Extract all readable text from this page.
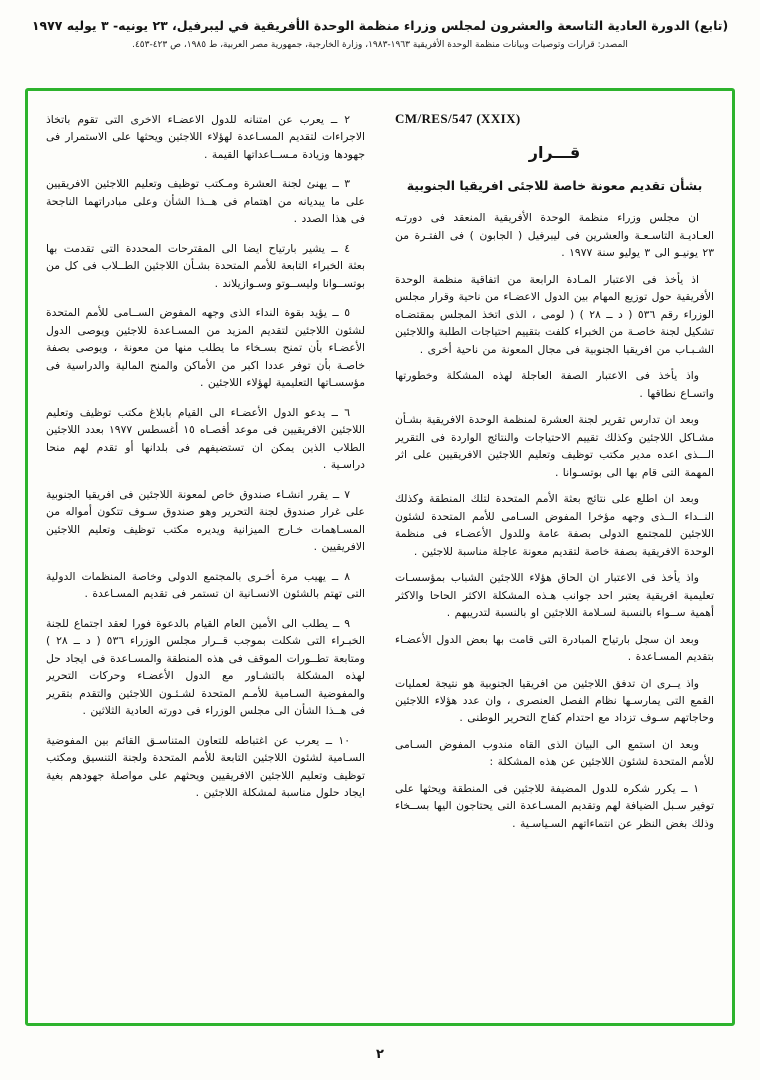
(تابع) الدورة العادية التاسعة والعشرون لمجلس وزراء منظمة الوحدة الأفريقية في ليبرفيل، ٢٣ يونيه- ٣ يوليه ١٩٧٧
المصدر: قرارات وتوصيات وبيانات منظمة الوحدة الأفريقية ١٩٦٣-١٩٨٣، وزارة الخارجية، جمهورية مصر العربية، ط ١٩٨٥، ص ٤٢٣-٤٥٣.
CM/RES/547 (XXIX)
قـــرار
بشأن تقديم معونة خاصة للاجئى افريقيا الجنوبية

ان مجلس وزراء منظمة الوحدة الأفريقية المنعقد فى دورتـه العـاديـة التاسـعـة والعشرين فى ليبرفيل ( الجابون ) فى الفتـرة من ٢٣ يونيـو الى ٣ يوليو سنة ١٩٧٧ .

اذ يأخذ فى الاعتبار المـادة الرابعة من اتفاقية منظمة الوحدة الأفريقية حول توزيع المهام بين الدول الاعضـاء من ناحية وقرار مجلس الوزراء رقم ٥٣٦ ( د ــ ٢٨ ) ( لومى ، الذى اتخذ المجلس بمقتضـاه تشكيل لجنة خاصـة من الخبراء كلفت بتقييم احتياجات الطلبة واللاجئين الشـبـاب من افريقيا الجنوبية فى مجال المعونة من ناحية أخرى .

واذ يأخذ فى الاعتبار الصفة العاجلة لهذه المشكلة وخطورتها واتسـاع نطاقها .

وبعد ان تدارس تقرير لجنة العشرة لمنظمة الوحدة الافريقية بشـأن مشـاكل اللاجئين وكذلك تقييم الاحتياجات والنتائج الواردة فى التقرير الـــذى اعده مدير مكتب توظيف وتعليم اللاجئين الافريقيين على اثر المهمة التى قام بها الى بوتسـوانا .

وبعد ان اطلع على نتائج بعثة الأمم المتحدة لتلك المنطقة وكذلك النــداء الــذى وجهه مؤخرا المفوض السـامى للأمم المتحدة لشئون اللاجئين للمجتمع الدولى بصفة عامة وللدول الأعضـاء فى منظمة الوحدة الافريقية بصفة خاصة لتقديم معونة عاجلة مناسبة للاجئين .

واذ يأخذ فى الاعتبار ان الحاق هؤلاء اللاجئين الشباب بمؤسسـات تعليمية افريقية يعتبر احد جوانب هـذه المشكلة الاكثر الحاحا والاكثر أهمية ســواء بالنسبة لسـلامة اللاجئين او بالنسبة لتدريبهم .

وبعد ان سجل بارتياح المبادرة التى قامت بها بعض الدول الأعضـاء بتقديم المسـاعدة .

واذ يــرى ان تدفق اللاجئين من افريقيا الجنوبية هو نتيجة لعمليات القمع التى يمارسـها نظام الفصل العنصرى ، وان عدد هؤلاء اللاجئين وحاجاتهم سـوف تزداد مع احتدام كفاح التحرير الوطنى .

وبعد ان استمع الى البيان الذى القاه مندوب المفوض السـامى للأمم المتحدة لشئون اللاجئين عن هذه المشكلة :

١ ــ يكرر شكره للدول المضيفة للاجئين فى المنطقة ويحثها على توفير سـبل الضيافة لهم وتقديم المسـاعدة التى يحتاجون اليها بســخاء وذلك بغض النظر عن انتماءاتهم السـياسـية .

٢ ــ يعرب عن امتنانه للدول الاعضـاء الاخرى التى تقوم باتخاذ الاجراءات لتقديم المسـاعدة لهؤلاء اللاجئين ويحثها على الاستمرار فى جهودها وزيادة مـســاعداتها القيمة .

٣ ــ يهنئ لجنة العشرة ومـكتب توظيف وتعليم اللاجئين الافريقيين على ما يبديانه من اهتمام فى هــذا الشأن وعلى مبادراتهما الناجحة فى هذا الصدد .

٤ ــ يشير بارتياح ايضا الى المقترحات المحددة التى تقدمت بها بعثة الخبراء التابعة للأمم المتحدة بشـأن اللاجئين الطــلاب فى كل من بوتســوانا وليســوتو وسـوازيلاند .

٥ ــ يؤيد بقوة النداء الذى وجهه المفوض الســامى للأمم المتحدة لشئون اللاجئين لتقديم المزيد من المسـاعدة للاجئين ويوصى الدول الأعضـاء بأن تمنح بسـخاء ما يطلب منها من معونة ، ويوصى بصفة خاصـة بأن توفر عددا اكبر من الأماكن والمنح المالية والدراسية فى مؤسسـاتها التعليمية لهؤلاء اللاجئين .

٦ ــ يدعو الدول الأعضـاء الى القيام بابلاغ مكتب توظيف وتعليم اللاجئين الافريقيين فى موعد أقصـاه ١٥ أغسطس ١٩٧٧ بعدد اللاجئين الطلاب الذين يمكن ان تستضيفهم فى بلدانها أو تقدم لهم منحا دراسـية .

٧ ــ يقرر انشـاء صندوق خاص لمعونة اللاجئين فى افريقيا الجنوبية على غرار صندوق لجنة التحرير وهو صندوق سـوف تتكون أمواله من المسـاهمات خـارج الميزانية ويديره مكتب توظيف وتعليم اللاجئين الافريقيين .

٨ ــ يهيب مرة أخـرى بالمجتمع الدولى وخاصة المنظمات الدولية التى تهتم بالشئون الانسـانية ان تستمر فى تقديم المسـاعدة .

٩ ــ يطلب الى الأمين العام القيام بالدعوة فورا لعقد اجتماع للجنة الخبـراء التى شكلت بموجب قــرار مجلس الوزراء ٥٣٦ ( د ــ ٢٨ ) ومتابعة تطــورات الموقف فى هذه المنطقة والمسـاعدة فى ايجاد حل لهذه المشكلة بالتشـاور مع الدول الأعضـاء وحركات التحرير والمفوضية السـامية للأمـم المتحدة لشـئـون اللاجئين والتقدم بتقرير فى هــذا الشأن الى مجلس الوزراء فى دورته العادية الثلاثين .

١٠ ــ يعرب عن اغتباطه للتعاون المتناسـق القائم بين المفوضية السـامية لشئون اللاجئين التابعة للأمم المتحدة ولجنة التنسيق ومكتب توظيف وتعليم اللاجئين الافريقيين ويحثهم على مواصلة جهودهم بغية ايجاد حلول مناسبة لمشكلة اللاجئين .

٢
